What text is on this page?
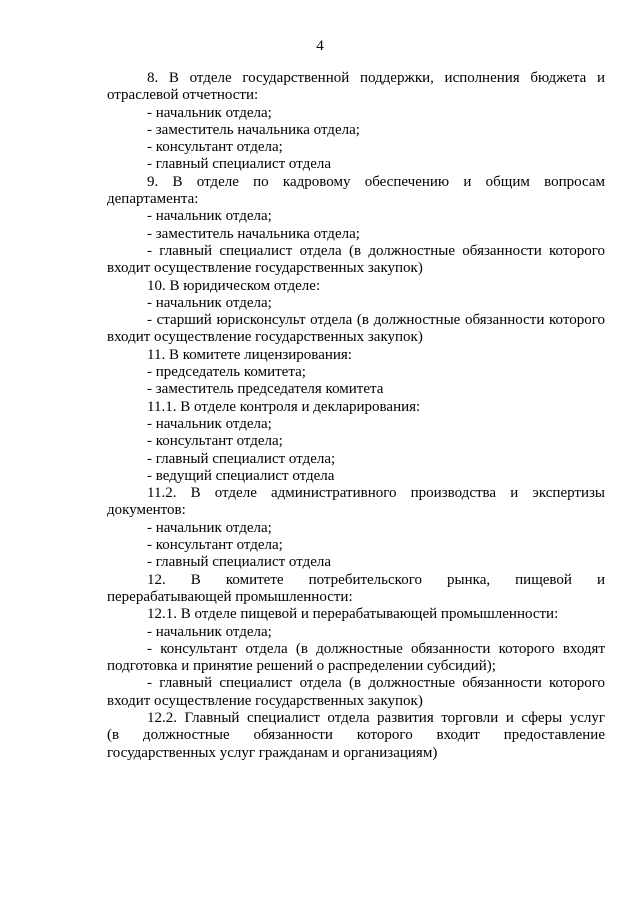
4
8. В отделе государственной поддержки, исполнения бюджета и
отраслевой отчетности:
- начальник отдела;
- заместитель начальника отдела;
- консультант отдела;
- главный специалист отдела
9. В отделе по кадровому обеспечению и общим вопросам
департамента:
- начальник отдела;
- заместитель начальника отдела;
- главный специалист отдела (в должностные обязанности которого
входит осуществление государственных закупок)
10. В юридическом отделе:
- начальник отдела;
- старший юрисконсульт отдела (в должностные обязанности которого
входит осуществление государственных закупок)
11. В комитете лицензирования:
- председатель комитета;
- заместитель председателя комитета
11.1. В отделе контроля и декларирования:
- начальник отдела;
- консультант отдела;
- главный специалист отдела;
- ведущий специалист отдела
11.2. В отделе административного производства и экспертизы
документов:
- начальник отдела;
- консультант отдела;
- главный специалист отдела
12. В комитете потребительского рынка, пищевой и
перерабатывающей промышленности:
12.1. В отделе пищевой и перерабатывающей промышленности:
- начальник отдела;
- консультант отдела (в должностные обязанности которого входят
подготовка и принятие решений о распределении субсидий);
- главный специалист отдела (в должностные обязанности которого
входит осуществление государственных закупок)
12.2. Главный специалист отдела развития торговли и сферы услуг
(в должностные обязанности которого входит предоставление
государственных услуг гражданам и организациям)
